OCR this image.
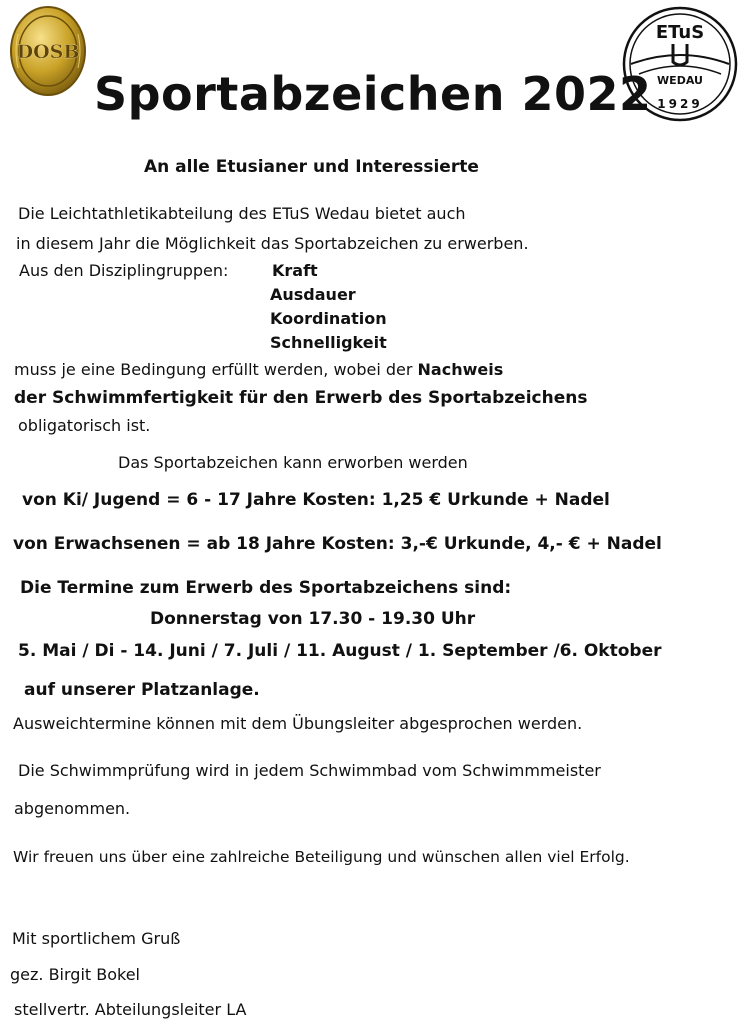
DOSB
ETuS
WEDAU
1929
Sportabzeichen 2022
An alle Etusianer und Interessierte
Die Leichtathletikabteilung des ETuS Wedau bietet auch
in diesem Jahr die Möglichkeit das Sportabzeichen zu erwerben.
Aus den Disziplingruppen:	Kraft
Ausdauer
Koordination
Schnelligkeit
muss je eine Bedingung erfüllt werden, wobei der Nachweis
der Schwimmfertigkeit für den Erwerb des Sportabzeichens
obligatorisch ist.
Das Sportabzeichen kann erworben werden
von Ki/ Jugend = 6 - 17 Jahre Kosten: 1,25 € Urkunde + Nadel
von Erwachsenen = ab 18 Jahre Kosten: 3,-€ Urkunde, 4,- € + Nadel
Die Termine zum Erwerb des Sportabzeichens sind:
Donnerstag von 17.30 - 19.30 Uhr
5. Mai / Di - 14. Juni / 7. Juli / 11. August / 1. September /6. Oktober
auf unserer Platzanlage.
Ausweichtermine können mit dem Übungsleiter abgesprochen werden.
Die Schwimmprüfung wird in jedem Schwimmbad vom Schwimmmeister
abgenommen.
Wir freuen uns über eine zahlreiche Beteiligung und wünschen allen viel Erfolg.
Mit sportlichem Gruß
gez. Birgit Bokel
stellvertr. Abteilungsleiter LA
